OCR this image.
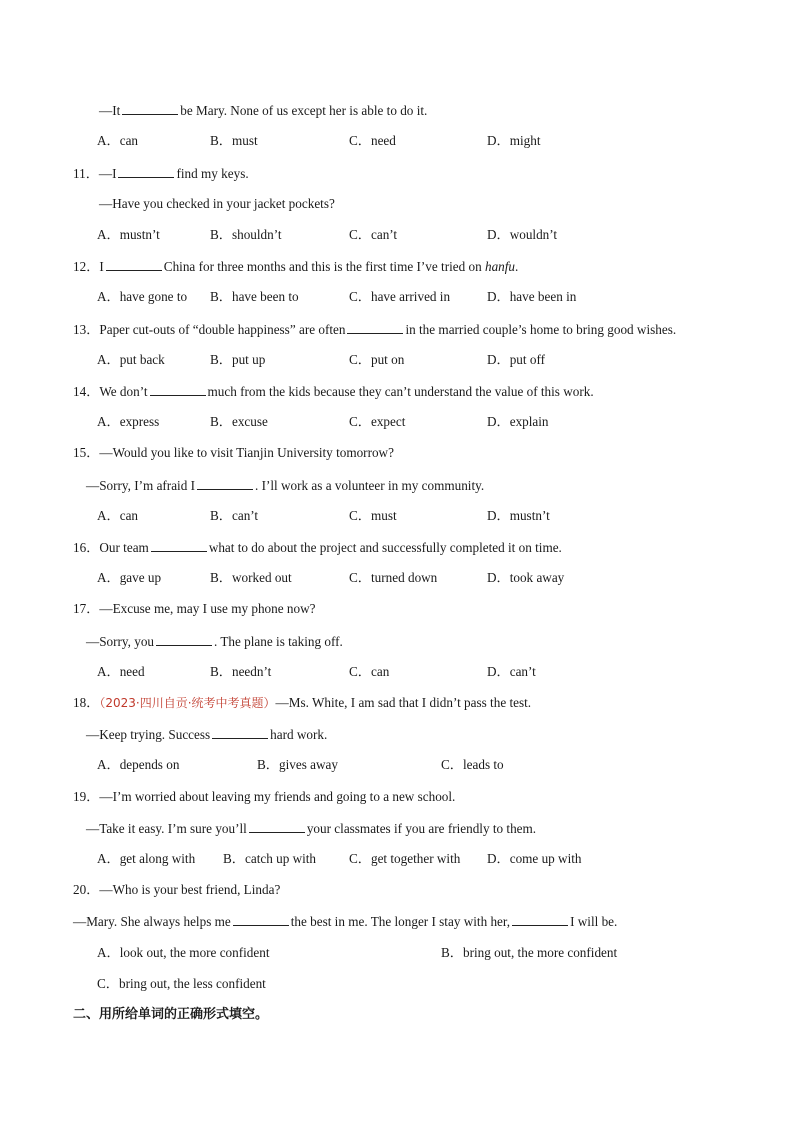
—It	be Mary. None of us except her is able to do it.
A．can	B．must	C．need	D．might
11．—I	find my keys.
—Have you checked in your jacket pockets?
A．mustn’t	B．shouldn’t	C．can’t	D．wouldn’t
12．I	China for three months and this is the first time I’ve tried on hanfu.
A．have gone to B．have been to	C．have arrived in	D．have been in
13．Paper cut-outs of “double happiness” are often	in the married couple’s home to bring good wishes.
A．put back	B．put up	C．put on	D．put off
14．We don’t	much from the kids because they can’t understand the value of this work.
A．express	B．excuse	C．expect	D．explain
15．—Would you like to visit Tianjin University tomorrow?
—Sorry, I’m afraid I	. I’ll work as a volunteer in my community.
A．can	B．can’t	C．must	D．mustn’t
16．Our team	what to do about the project and successfully completed it on time.
A．gave up	B．worked out	C．turned down	D．took away
17．—Excuse me, may I use my phone now?
—Sorry, you	. The plane is taking off.
A．need	B．needn’t	C．can	D．can’t
18．（2023·四川自贡·统考中考真题）—Ms. White, I am sad that I didn’t pass the test.
—Keep trying. Success	hard work.
A．depends on	B．gives away	C．leads to
19．—I’m worried about leaving my friends and going to a new school.
—Take it easy. I’m sure you’ll	your classmates if you are friendly to them.
A．get along with B．catch up with C．get together with D．come up with
20．—Who is your best friend, Linda?
—Mary. She always helps me	the best in me. The longer I stay with her,	I will be.
A．look out, the more confident	B．bring out, the more confident
C．bring out, the less confident
二、用所给单词的正确形式填空。
